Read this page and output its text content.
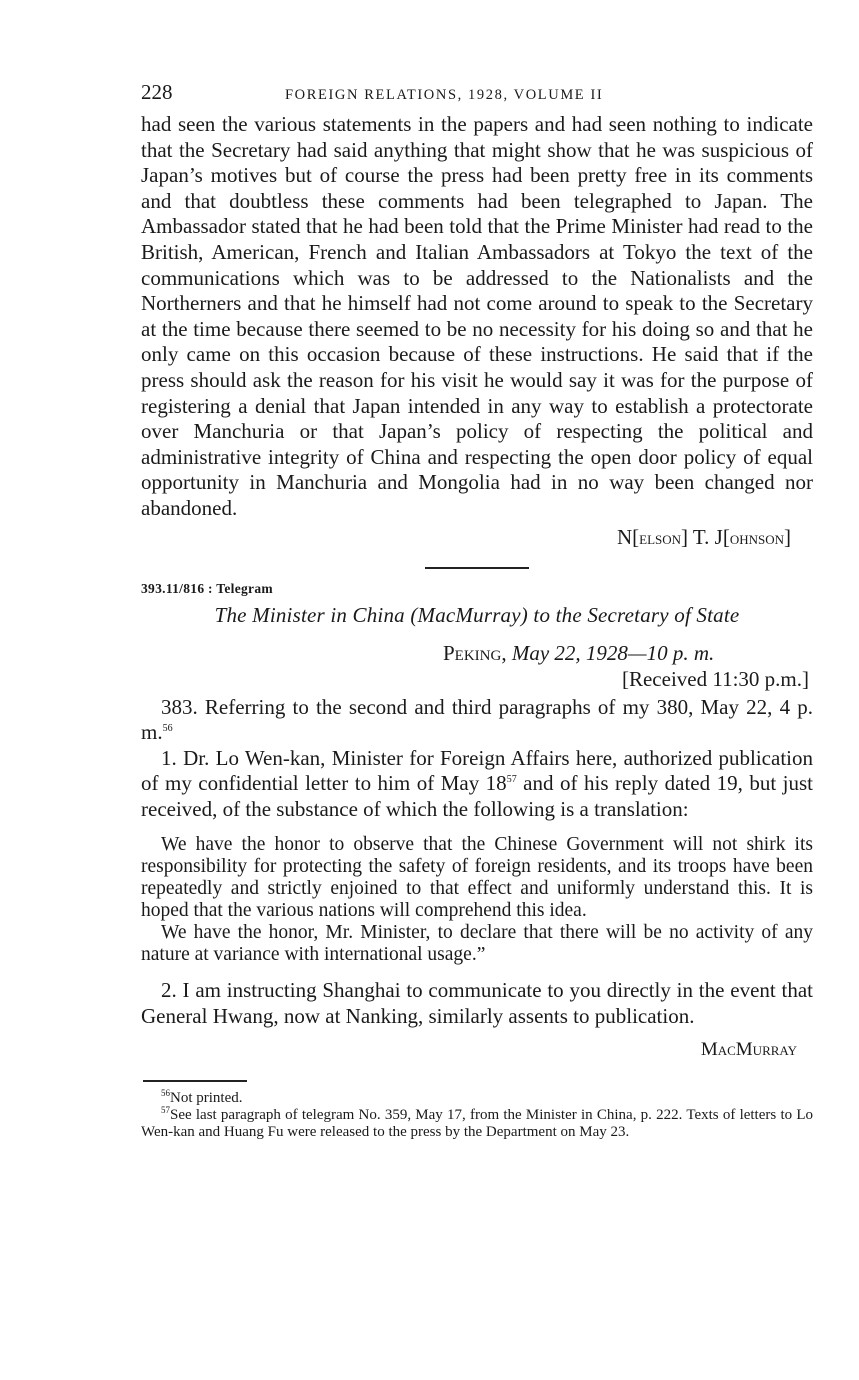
228	FOREIGN RELATIONS, 1928, VOLUME II

had seen the various statements in the papers and had seen nothing to indicate that the Secretary had said anything that might show that he was suspicious of Japan’s motives but of course the press had been pretty free in its comments and that doubtless these comments had been telegraphed to Japan. The Ambassador stated that he had been told that the Prime Minister had read to the British, American, French and Italian Ambassadors at Tokyo the text of the communications which was to be addressed to the Nationalists and the Northerners and that he himself had not come around to speak to the Secretary at the time because there seemed to be no necessity for his doing so and that he only came on this occasion because of these instructions. He said that if the press should ask the reason for his visit he would say it was for the purpose of registering a denial that Japan intended in any way to establish a protectorate over Manchuria or that Japan’s policy of respecting the political and administrative integrity of China and respecting the open door policy of equal opportunity in Manchuria and Mongolia had in no way been changed nor abandoned.

N[elson] T. J[ohnson]
393.11/816 : Telegram
The Minister in China (MacMurray) to the Secretary of State
Peking, May 22, 1928—10 p. m.
[Received 11:30 p.m.]

383. Referring to the second and third paragraphs of my 380, May 22, 4 p. m.$^{56}$

1. Dr. Lo Wen-kan, Minister for Foreign Affairs here, authorized publication of my confidential letter to him of May $18^{57}$ and of his reply dated 19, but just received, of the substance of which the following is a translation:

We have the honor to observe that the Chinese Government will not shirk its responsibility for protecting the safety of foreign residents, and its troops have been repeatedly and strictly enjoined to that effect and uniformly understand this. It is hoped that the various nations will comprehend this idea.

We have the honor, Mr. Minister, to declare that there will be no activity of any nature at variance with international usage.”

2. I am instructing Shanghai to communicate to you directly in the event that General Hwang, now at Nanking, similarly assents to publication.

MacMurray

$^{56}$Not printed.

$^{57}$See last paragraph of telegram No. 359, May 17, from the Minister in China, p. 222. Texts of letters to Lo Wen-kan and Huang Fu were released to the press by the Department on May 23.
